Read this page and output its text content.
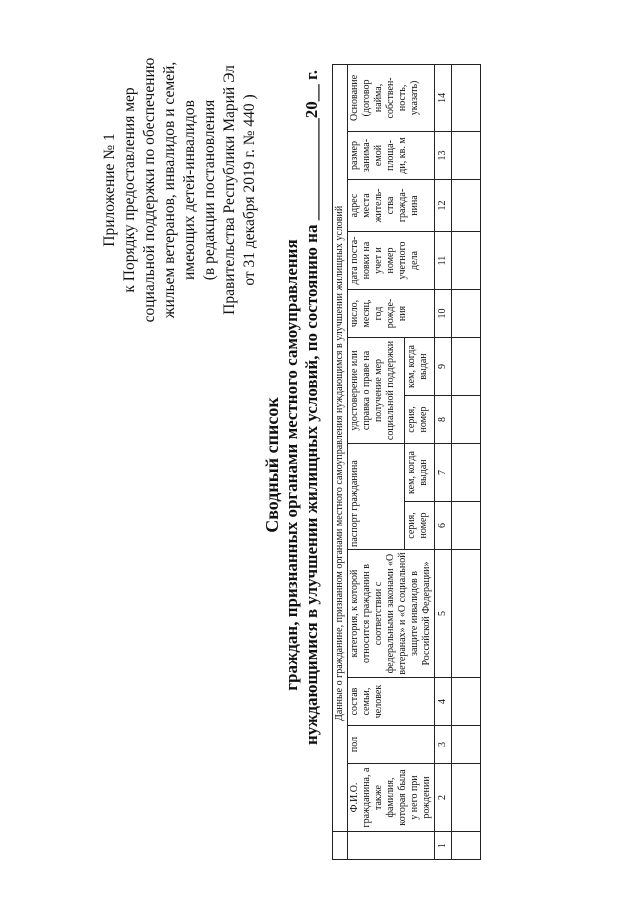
Приложение № 1 к Порядку предоставления мер социальной поддержки по обеспечению жильем ветеранов, инвалидов и семей, имеющих детей-инвалидов (в редакции постановления Правительства Республики Марий Эл от 31 декабря 2019 г. № 440 )
Сводный список граждан, признанных органами местного самоуправления нуждающимися в улучшении жилищных условий, по состоянию на ____________20__ г.
	Данные о гражданине, признанном органами местного самоуправления нуждающимся в улучшении жилищных условий												
	Ф.И.О. гражданина, а также фамилия, которая была у него при рождении	пол	состав семьи, человек	категория, к которой относится гражданин в соответствии с федеральными законами «О ветеранах» и «О социальной защите инвалидов в Российской Федерации»	паспорт гражданина		удостоверение или справка о праве на получение мер социальной поддержки		число, месяц, год рожде-ния	дата поста-новки на учет и номер учетного дела	адрес места житель-ства гражда-нина	размер занима-емой площа-ди, кв. м	Основание (договор найма, собствен-ность, указать)
					серия, номер	кем, когда выдан	серия, номер	кем, когда выдан					
1	2	3	4	5	6	7	8	9	10	11	12	13	14
